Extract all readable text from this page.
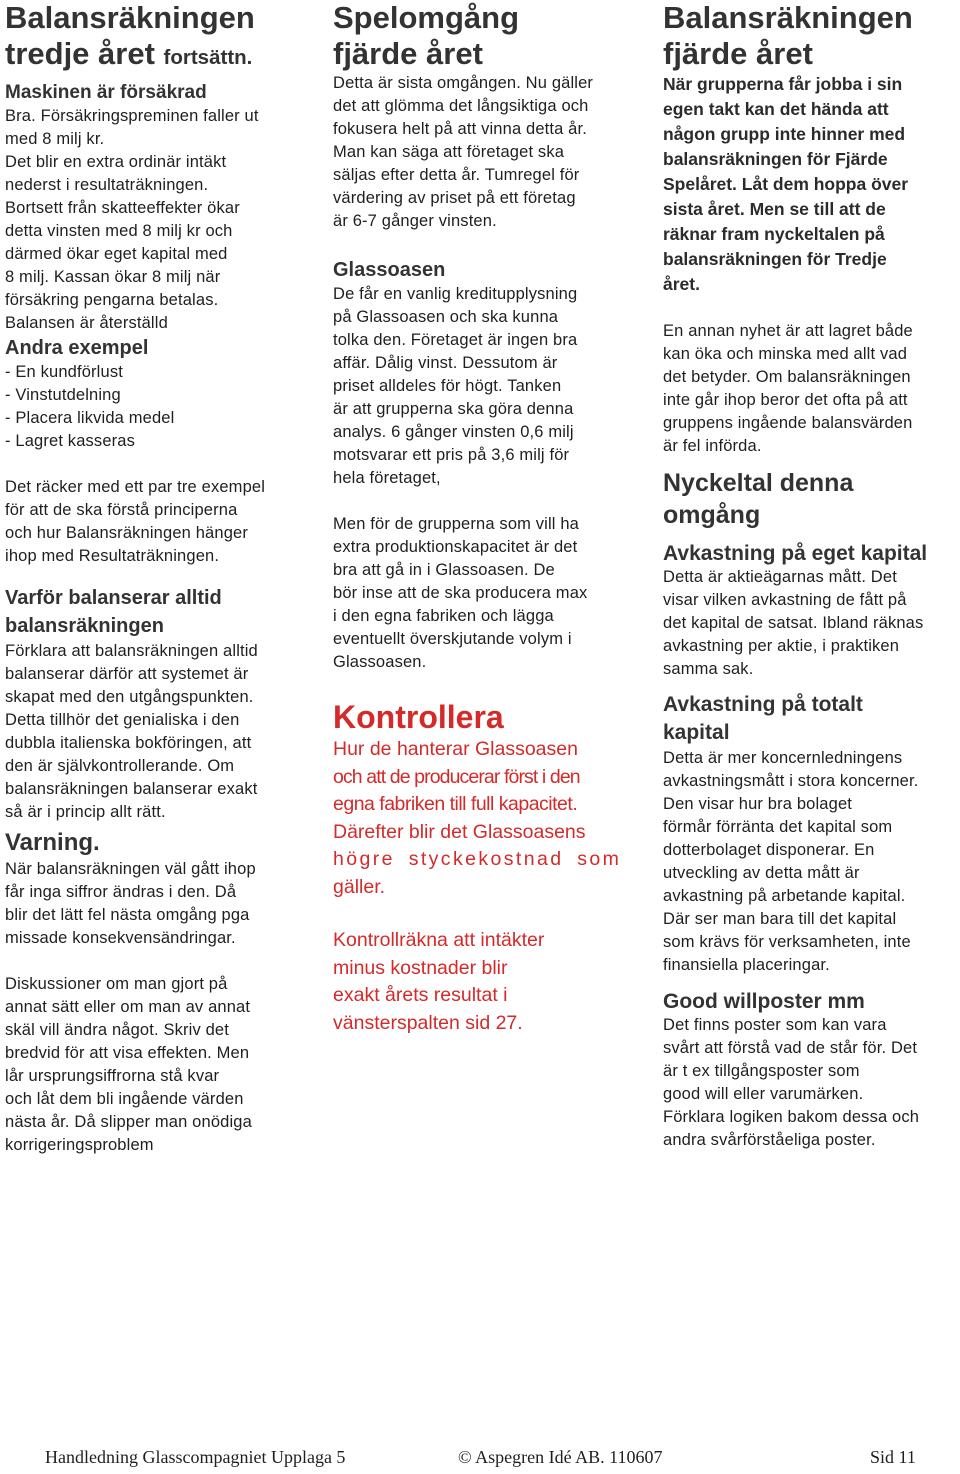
Balansräkningen
tredje året fortsättn.
Maskinen är försäkrad
Bra. Försäkringspreminen faller ut
med 8 milj kr.
Det blir en extra ordinär intäkt
nederst i resultaträkningen.
Bortsett från skatteeffekter ökar
detta vinsten med 8 milj kr och
därmed ökar eget kapital med
8 milj. Kassan ökar 8 milj när
försäkring pengarna betalas.
Balansen är återställd
Andra exempel
- En kundförlust
- Vinstutdelning
- Placera likvida medel
- Lagret kasseras
Det räcker med ett par tre exempel
för att de ska förstå principerna
och hur Balansräkningen hänger
ihop med Resultaträkningen.
Varför balanserar alltid
balansräkningen
Förklara att balansräkningen alltid
balanserar därför att systemet är
skapat med den utgångspunkten.
Detta tillhör det genialiska i den
dubbla italienska bokföringen, att
den är självkontrollerande. Om
balansräkningen balanserar exakt
så är i princip allt rätt.
Varning.
När balansräkningen väl gått ihop
får inga siffror ändras i den. Då
blir det lätt fel nästa omgång pga
missade konsekvensändringar.
Diskussioner om man gjort på
annat sätt eller om man av annat
skäl vill ändra något. Skriv det
bredvid för att visa effekten. Men
lår ursprungsiffrorna stå kvar
och låt dem bli ingående värden
nästa år. Då slipper man onödiga
korrigeringsproblem
Spelomgång
fjärde året
Detta är sista omgången. Nu gäller
det att glömma det långsiktiga och
fokusera helt på att vinna detta år.
Man kan säga att företaget ska
säljas efter detta år. Tumregel för
värdering av priset på ett företag
är 6-7 gånger vinsten.
Glassoasen
De får en vanlig kreditupplysning
på Glassoasen och ska kunna
tolka den. Företaget är ingen bra
affär. Dålig vinst. Dessutom är
priset alldeles för högt. Tanken
är att grupperna ska göra denna
analys. 6 gånger vinsten 0,6 milj
motsvarar ett pris på 3,6 milj för
hela företaget,
Men för de grupperna som vill ha
extra produktionskapacitet är det
bra att gå in i Glassoasen. De
bör inse att de ska producera max
i den egna fabriken och lägga
eventuellt överskjutande volym i
Glassoasen.
Kontrollera
Hur de hanterar Glassoasen
och att de producerar först i den
egna fabriken till full kapacitet.
Därefter blir det Glassoasens
högre styckekostnad som
gäller.
Kontrollräkna att intäkter
minus kostnader blir
exakt årets resultat i
vänsterspalten sid 27.
Balansräkningen
fjärde året
När grupperna får jobba i sin
egen takt kan det hända att
någon grupp inte hinner med
balansräkningen för Fjärde
Spelåret. Låt dem hoppa över
sista året. Men se till att de
räknar fram nyckeltalen på
balansräkningen för Tredje
året.
En annan nyhet är att lagret både
kan öka och minska med allt vad
det betyder. Om balansräkningen
inte går ihop beror det ofta på att
gruppens ingående balansvärden
är fel införda.
Nyckeltal denna
omgång
Avkastning på eget kapital
Detta är aktieägarnas mått. Det
visar vilken avkastning de fått på
det kapital de satsat. Ibland räknas
avkastning per aktie, i praktiken
samma sak.
Avkastning på totalt
kapital
Detta är mer koncernledningens
avkastningsmått i stora koncerner.
Den visar hur bra bolaget
förmår förränta det kapital som
dotterbolaget disponerar. En
utveckling av detta mått är
avkastning på arbetande kapital.
Där ser man bara till det kapital
som krävs för verksamheten, inte
finansiella placeringar.
Good willposter mm
Det finns poster som kan vara
svårt att förstå vad de står för. Det
är t ex tillgångsposter som
good will eller varumärken.
Förklara logiken bakom dessa och
andra svårförståeliga poster.
Handledning Glasscompagniet Upplaga 5	© Aspegren Idé AB. 110607	Sid 11
